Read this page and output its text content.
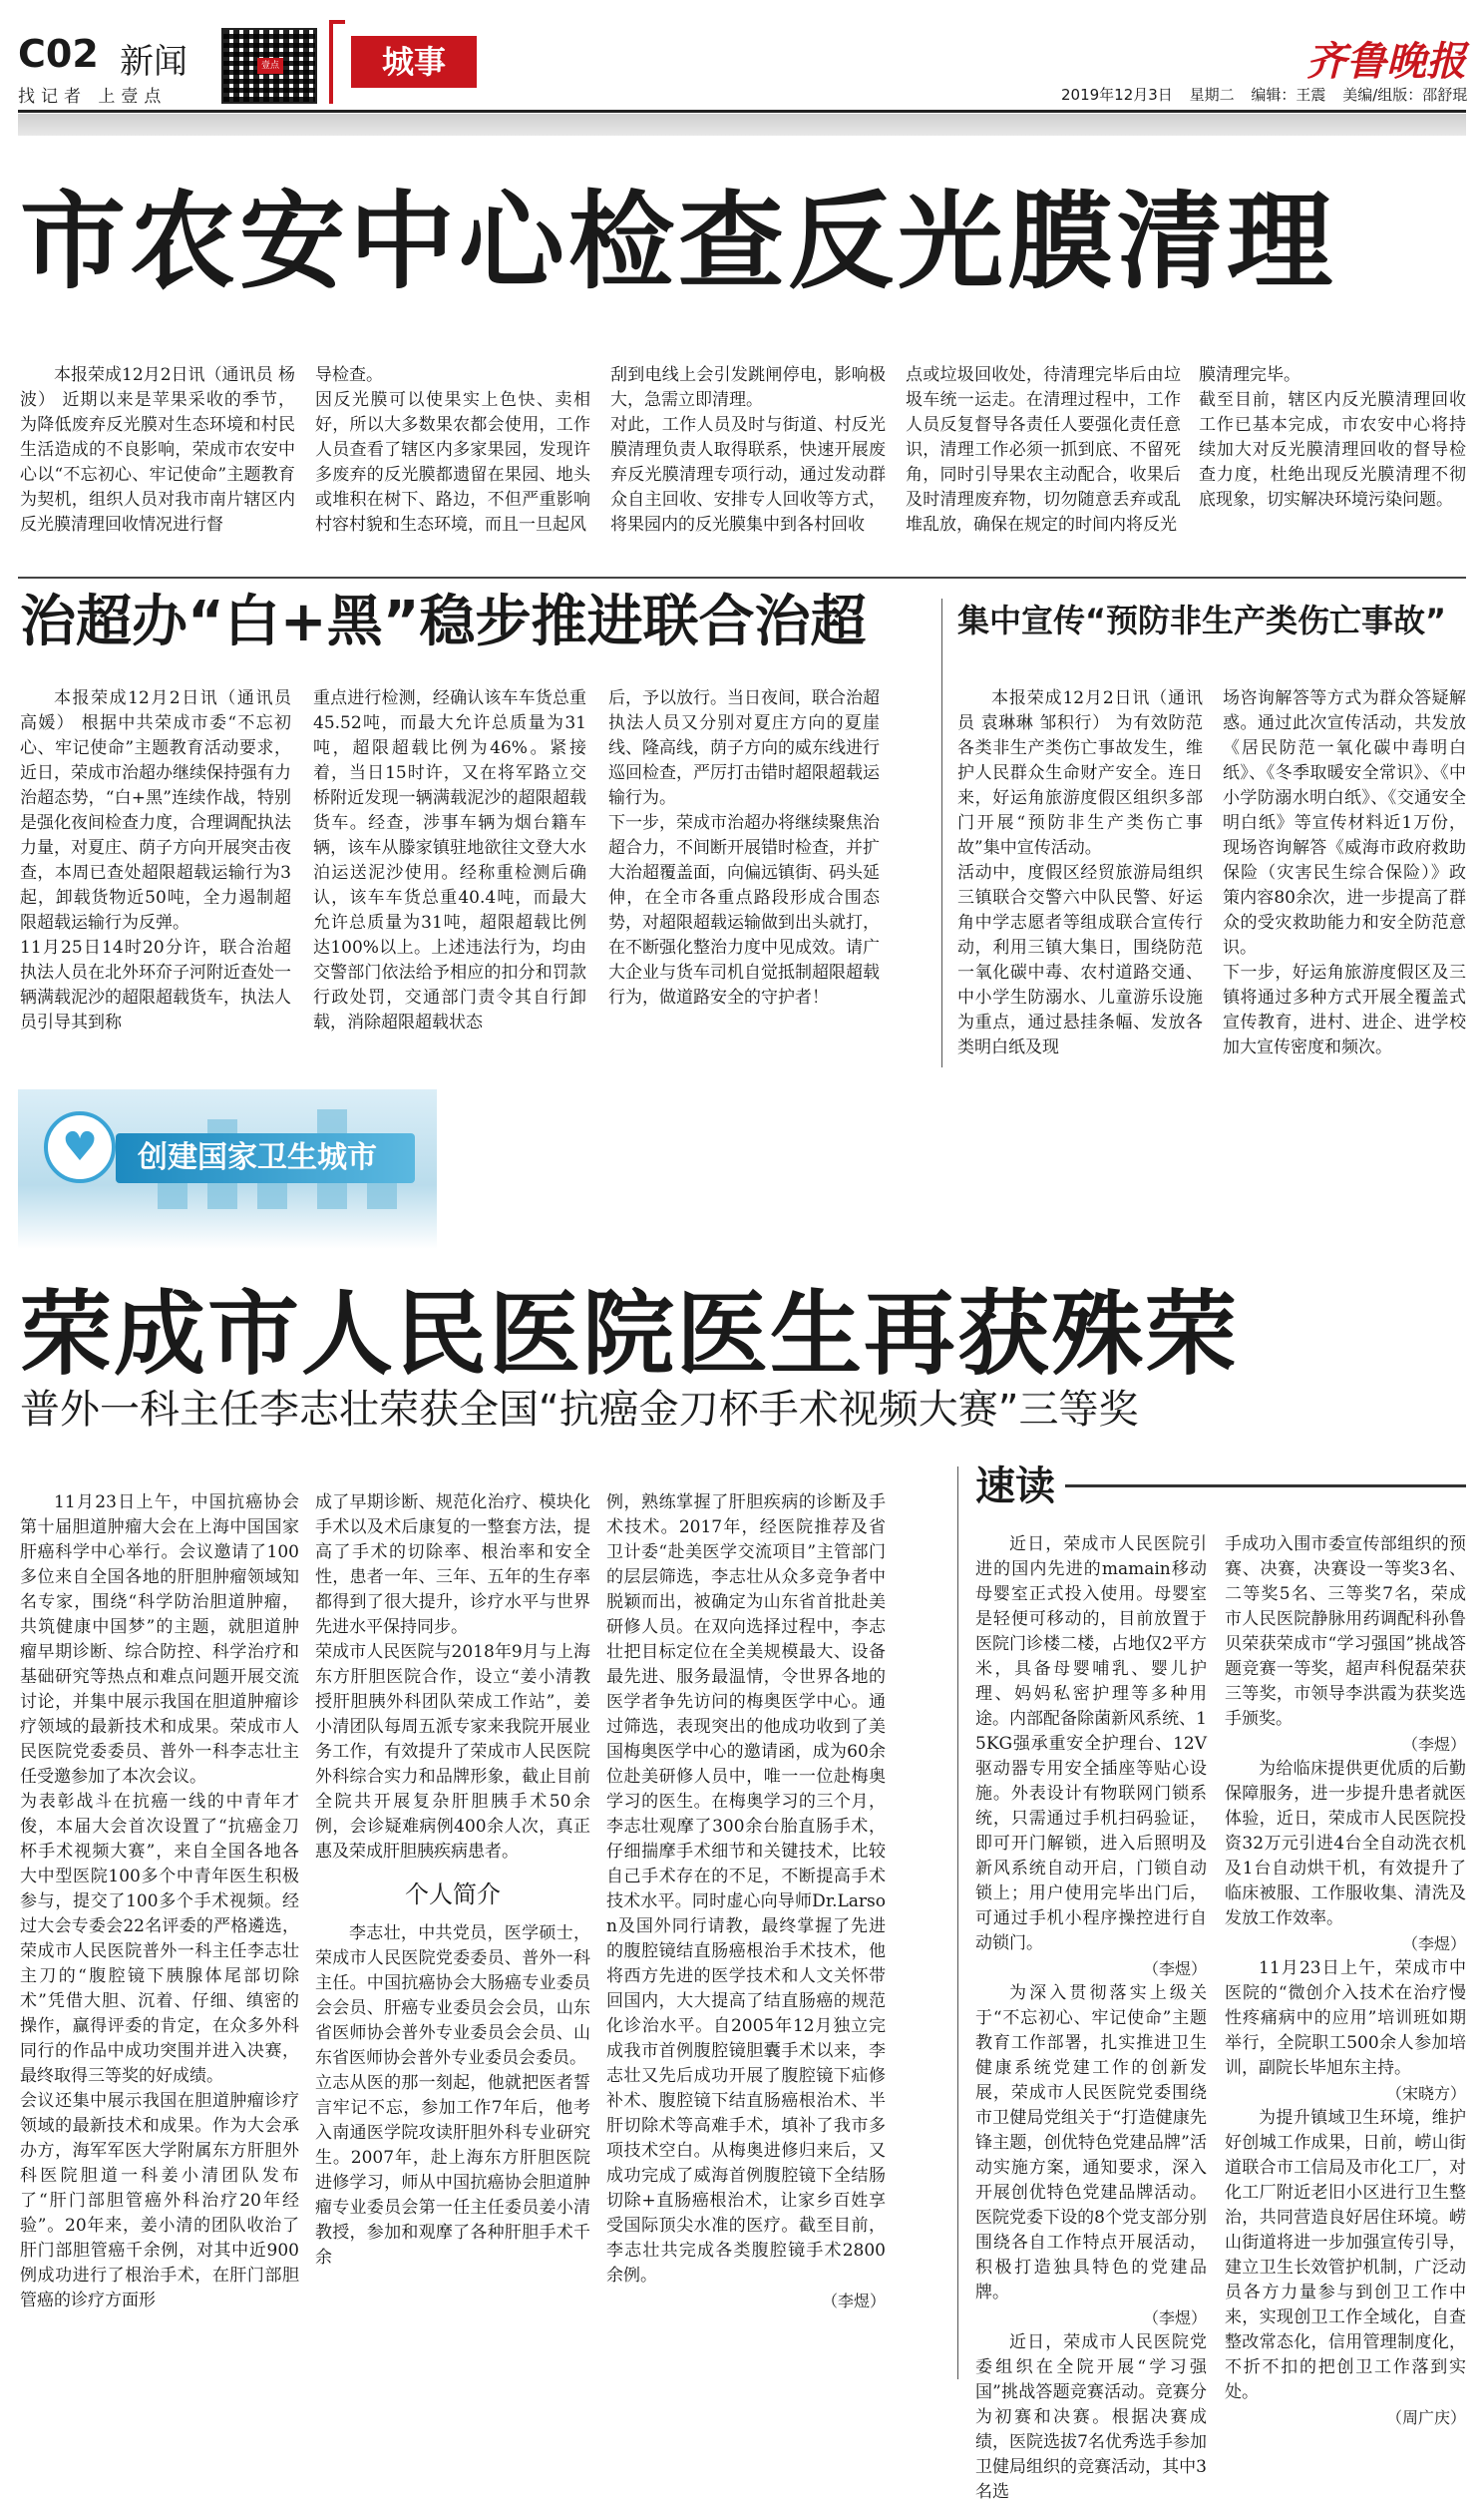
C02 新闻
找记者 上壹点
壹点	城事	齐鲁晚报
2019年12月3日 星期二 编辑：王震 美编/组版：邵舒琨
市农安中心检查反光膜清理

本报荣成12月2日讯（通讯员 杨波） 近期以来是苹果采收的季节，为降低废弃反光膜对生态环境和村民生活造成的不良影响，荣成市农安中心以“不忘初心、牢记使命”主题教育为契机，组织人员对我市南片辖区内反光膜清理回收情况进行督

导检查。
因反光膜可以使果实上色快、卖相好，所以大多数果农都会使用，工作人员查看了辖区内多家果园，发现许多废弃的反光膜都遗留在果园、地头或堆积在树下、路边，不但严重影响村容村貌和生态环境，而且一旦起风

刮到电线上会引发跳闸停电，影响极大，急需立即清理。
对此，工作人员及时与街道、村反光膜清理负责人取得联系，快速开展废弃反光膜清理专项行动，通过发动群众自主回收、安排专人回收等方式，将果园内的反光膜集中到各村回收

点或垃圾回收处，待清理完毕后由垃圾车统一运走。在清理过程中，工作人员反复督导各责任人要强化责任意识，清理工作必须一抓到底、不留死角，同时引导果农主动配合，收果后及时清理废弃物，切勿随意丢弃或乱堆乱放，确保在规定的时间内将反光

膜清理完毕。
截至目前，辖区内反光膜清理回收工作已基本完成，市农安中心将持续加大对反光膜清理回收的督导检查力度，杜绝出现反光膜清理不彻底现象，切实解决环境污染问题。

治超办“白+黑”稳步推进联合治超

本报荣成12月2日讯（通讯员 高媛） 根据中共荣成市委“不忘初心、牢记使命”主题教育活动要求，近日，荣成市治超办继续保持强有力治超态势，“白+黑”连续作战，特别是强化夜间检查力度，合理调配执法力量，对夏庄、荫子方向开展突击夜查，本周已查处超限超载运输行为3起，卸载货物近50吨，全力遏制超限超载运输行为反弹。
11月25日14时20分许，联合治超执法人员在北外环夼子河附近查处一辆满载泥沙的超限超载货车，执法人员引导其到称

重点进行检测，经确认该车车货总重45.52吨，而最大允许总质量为31吨，超限超载比例为46%。紧接着，当日15时许，又在将军路立交桥附近发现一辆满载泥沙的超限超载货车。经查，涉事车辆为烟台籍车辆，该车从滕家镇驻地欲往文登大水泊运送泥沙使用。经称重检测后确认，该车车货总重40.4吨，而最大允许总质量为31吨，超限超载比例达100%以上。上述违法行为，均由交警部门依法给予相应的扣分和罚款行政处罚，交通部门责令其自行卸载，消除超限超载状态

后，予以放行。当日夜间，联合治超执法人员又分别对夏庄方向的夏崖线、隆高线，荫子方向的威东线进行巡回检查，严厉打击错时超限超载运输行为。
下一步，荣成市治超办将继续聚焦治超合力，不间断开展错时检查，并扩大治超覆盖面，向偏远镇街、码头延伸，在全市各重点路段形成合围态势，对超限超载运输做到出头就打，在不断强化整治力度中见成效。请广大企业与货车司机自觉抵制超限超载行为，做道路安全的守护者！

集中宣传“预防非生产类伤亡事故”

本报荣成12月2日讯（通讯员 袁琳琳 邹积行） 为有效防范各类非生产类伤亡事故发生，维护人民群众生命财产安全。连日来，好运角旅游度假区组织多部门开展“预防非生产类伤亡事故”集中宣传活动。
活动中，度假区经贸旅游局组织三镇联合交警六中队民警、好运角中学志愿者等组成联合宣传行动，利用三镇大集日，围绕防范一氧化碳中毒、农村道路交通、中小学生防溺水、儿童游乐设施为重点，通过悬挂条幅、发放各类明白纸及现

场咨询解答等方式为群众答疑解惑。通过此次宣传活动，共发放《居民防范一氧化碳中毒明白纸》、《冬季取暖安全常识》、《中小学防溺水明白纸》、《交通安全明白纸》等宣传材料近1万份，现场咨询解答《威海市政府救助保险（灾害民生综合保险）》政策内容80余次，进一步提高了群众的受灾救助能力和安全防范意识。
下一步，好运角旅游度假区及三镇将通过多种方式开展全覆盖式宣传教育，进村、进企、进学校加大宣传密度和频次。

♥	创建国家卫生城市
荣成市人民医院医生再获殊荣
普外一科主任李志壮荣获全国“抗癌金刀杯手术视频大赛”三等奖

11月23日上午，中国抗癌协会第十届胆道肿瘤大会在上海中国国家肝癌科学中心举行。会议邀请了100多位来自全国各地的肝胆肿瘤领域知名专家，围绕“科学防治胆道肿瘤，共筑健康中国梦”的主题，就胆道肿瘤早期诊断、综合防控、科学治疗和基础研究等热点和难点问题开展交流讨论，并集中展示我国在胆道肿瘤诊疗领域的最新技术和成果。荣成市人民医院党委委员、普外一科李志壮主任受邀参加了本次会议。
为表彰战斗在抗癌一线的中青年才俊，本届大会首次设置了“抗癌金刀杯手术视频大赛”，来自全国各地各大中型医院100多个中青年医生积极参与，提交了100多个手术视频。经过大会专委会22名评委的严格遴选，荣成市人民医院普外一科主任李志壮主刀的“腹腔镜下胰腺体尾部切除术”凭借大胆、沉着、仔细、缜密的操作，赢得评委的肯定，在众多外科同行的作品中成功突围并进入决赛，最终取得三等奖的好成绩。
会议还集中展示我国在胆道肿瘤诊疗领域的最新技术和成果。作为大会承办方，海军军医大学附属东方肝胆外科医院胆道一科姜小清团队发布了“肝门部胆管癌外科治疗20年经验”。20年来，姜小清的团队收治了肝门部胆管癌千余例，对其中近900例成功进行了根治手术，在肝门部胆管癌的诊疗方面形

成了早期诊断、规范化治疗、模块化手术以及术后康复的一整套方法，提高了手术的切除率、根治率和安全性，患者一年、三年、五年的生存率都得到了很大提升，诊疗水平与世界先进水平保持同步。
荣成市人民医院与2018年9月与上海东方肝胆医院合作，设立“姜小清教授肝胆胰外科团队荣成工作站”，姜小清团队每周五派专家来我院开展业务工作，有效提升了荣成市人民医院外科综合实力和品牌形象，截止目前全院共开展复杂肝胆胰手术50余例，会诊疑难病例400余人次，真正惠及荣成肝胆胰疾病患者。

个人简介

李志壮，中共党员，医学硕士，荣成市人民医院党委委员、普外一科主任。中国抗癌协会大肠癌专业委员会会员、肝癌专业委员会会员，山东省医师协会普外专业委员会会员、山东省医师协会普外专业委员会委员。
立志从医的那一刻起，他就把医者誓言牢记不忘，参加工作7年后，他考入南通医学院攻读肝胆外科专业研究生。2007年，赴上海东方肝胆医院进修学习，师从中国抗癌协会胆道肿瘤专业委员会第一任主任委员姜小清教授，参加和观摩了各种肝胆手术千余

例，熟练掌握了肝胆疾病的诊断及手术技术。2017年，经医院推荐及省卫计委“赴美医学交流项目”主管部门的层层筛选，李志壮从众多竞争者中脱颖而出，被确定为山东省首批赴美研修人员。在双向选择过程中，李志壮把目标定位在全美规模最大、设备最先进、服务最温情，令世界各地的医学者争先访问的梅奥医学中心。通过筛选，表现突出的他成功收到了美国梅奥医学中心的邀请函，成为60余位赴美研修人员中，唯一一位赴梅奥学习的医生。在梅奥学习的三个月，李志壮观摩了300余台胎直肠手术，仔细揣摩手术细节和关键技术，比较自己手术存在的不足，不断提高手术技术水平。同时虚心向导师Dr.Larson及国外同行请教，最终掌握了先进的腹腔镜结直肠癌根治手术技术，他将西方先进的医学技术和人文关怀带回国内，大大提高了结直肠癌的规范化诊治水平。自2005年12月独立完成我市首例腹腔镜胆囊手术以来，李志壮又先后成功开展了腹腔镜下疝修补术、腹腔镜下结直肠癌根治术、半肝切除术等高难手术，填补了我市多项技术空白。从梅奥进修归来后，又成功完成了威海首例腹腔镜下全结肠切除+直肠癌根治术，让家乡百姓享受国际顶尖水准的医疗。截至目前，李志壮共完成各类腹腔镜手术2800余例。

（李煜）
速读

近日，荣成市人民医院引进的国内先进的mamain移动母婴室正式投入使用。母婴室是轻便可移动的，目前放置于医院门诊楼二楼，占地仅2平方米，具备母婴哺乳、婴儿护理、妈妈私密护理等多种用途。内部配备除菌新风系统、15KG强承重安全护理台、12V驱动器专用安全插座等贴心设施。外表设计有物联网门锁系统，只需通过手机扫码验证，即可开门解锁，进入后照明及新风系统自动开启，门锁自动锁上；用户使用完毕出门后，可通过手机小程序操控进行自动锁门。

（李煜）

为深入贯彻落实上级关于“不忘初心、牢记使命”主题教育工作部署，扎实推进卫生健康系统党建工作的创新发展，荣成市人民医院党委围绕市卫健局党组关于“打造健康先锋主题，创优特色党建品牌”活动实施方案，通知要求，深入开展创优特色党建品牌活动。医院党委下设的8个党支部分别围绕各自工作特点开展活动，积极打造独具特色的党建品牌。

（李煜）

近日，荣成市人民医院党委组织在全院开展“学习强国”挑战答题竞赛活动。竞赛分为初赛和决赛。根据决赛成绩，医院选拔7名优秀选手参加卫健局组织的竞赛活动，其中3名选

手成功入围市委宣传部组织的预赛、决赛，决赛设一等奖3名、二等奖5名、三等奖7名，荣成市人民医院静脉用药调配科孙鲁贝荣获荣成市“学习强国”挑战答题竞赛一等奖，超声科倪磊荣获三等奖，市领导李洪霞为获奖选手颁奖。

（李煜）

为给临床提供更优质的后勤保障服务，进一步提升患者就医体验，近日，荣成市人民医院投资32万元引进4台全自动洗衣机及1台自动烘干机，有效提升了临床被服、工作服收集、清洗及发放工作效率。

（李煜）

11月23日上午，荣成市中医院的“微创介入技术在治疗慢性疼痛病中的应用”培训班如期举行，全院职工500余人参加培训，副院长毕旭东主持。

（宋晓方）

为提升镇域卫生环境，维护好创城工作成果，日前，崂山街道联合市工信局及市化工厂，对化工厂附近老旧小区进行卫生整治，共同营造良好居住环境。崂山街道将进一步加强宣传引导，建立卫生长效管护机制，广泛动员各方力量参与到创卫工作中来，实现创卫工作全域化，自查整改常态化，信用管理制度化，不折不扣的把创卫工作落到实处。

（周广庆）
